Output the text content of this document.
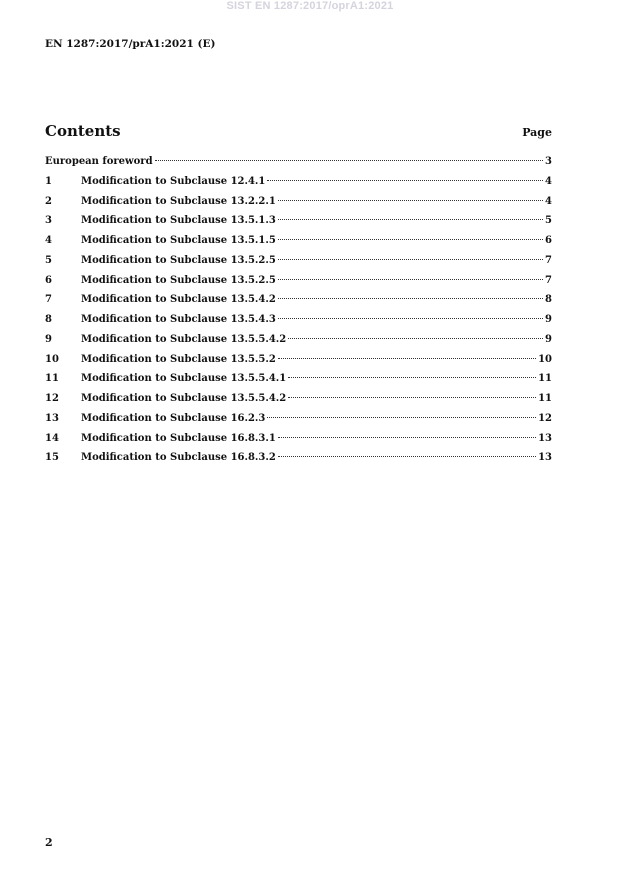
SIST EN 1287:2017/oprA1:2021
EN 1287:2017/prA1:2021 (E)
Contents	Page
European foreword	3
1	Modification to Subclause 12.4.1	4
2	Modification to Subclause 13.2.2.1	4
3	Modification to Subclause 13.5.1.3	5
4	Modification to Subclause 13.5.1.5	6
5	Modification to Subclause 13.5.2.5	7
6	Modification to Subclause 13.5.2.5	7
7	Modification to Subclause 13.5.4.2	8
8	Modification to Subclause 13.5.4.3	9
9	Modification to Subclause 13.5.5.4.2	9
10	Modification to Subclause 13.5.5.2	10
11	Modification to Subclause 13.5.5.4.1	11
12	Modification to Subclause 13.5.5.4.2	11
13	Modification to Subclause 16.2.3	12
14	Modification to Subclause 16.8.3.1	13
15	Modification to Subclause 16.8.3.2	13
2
